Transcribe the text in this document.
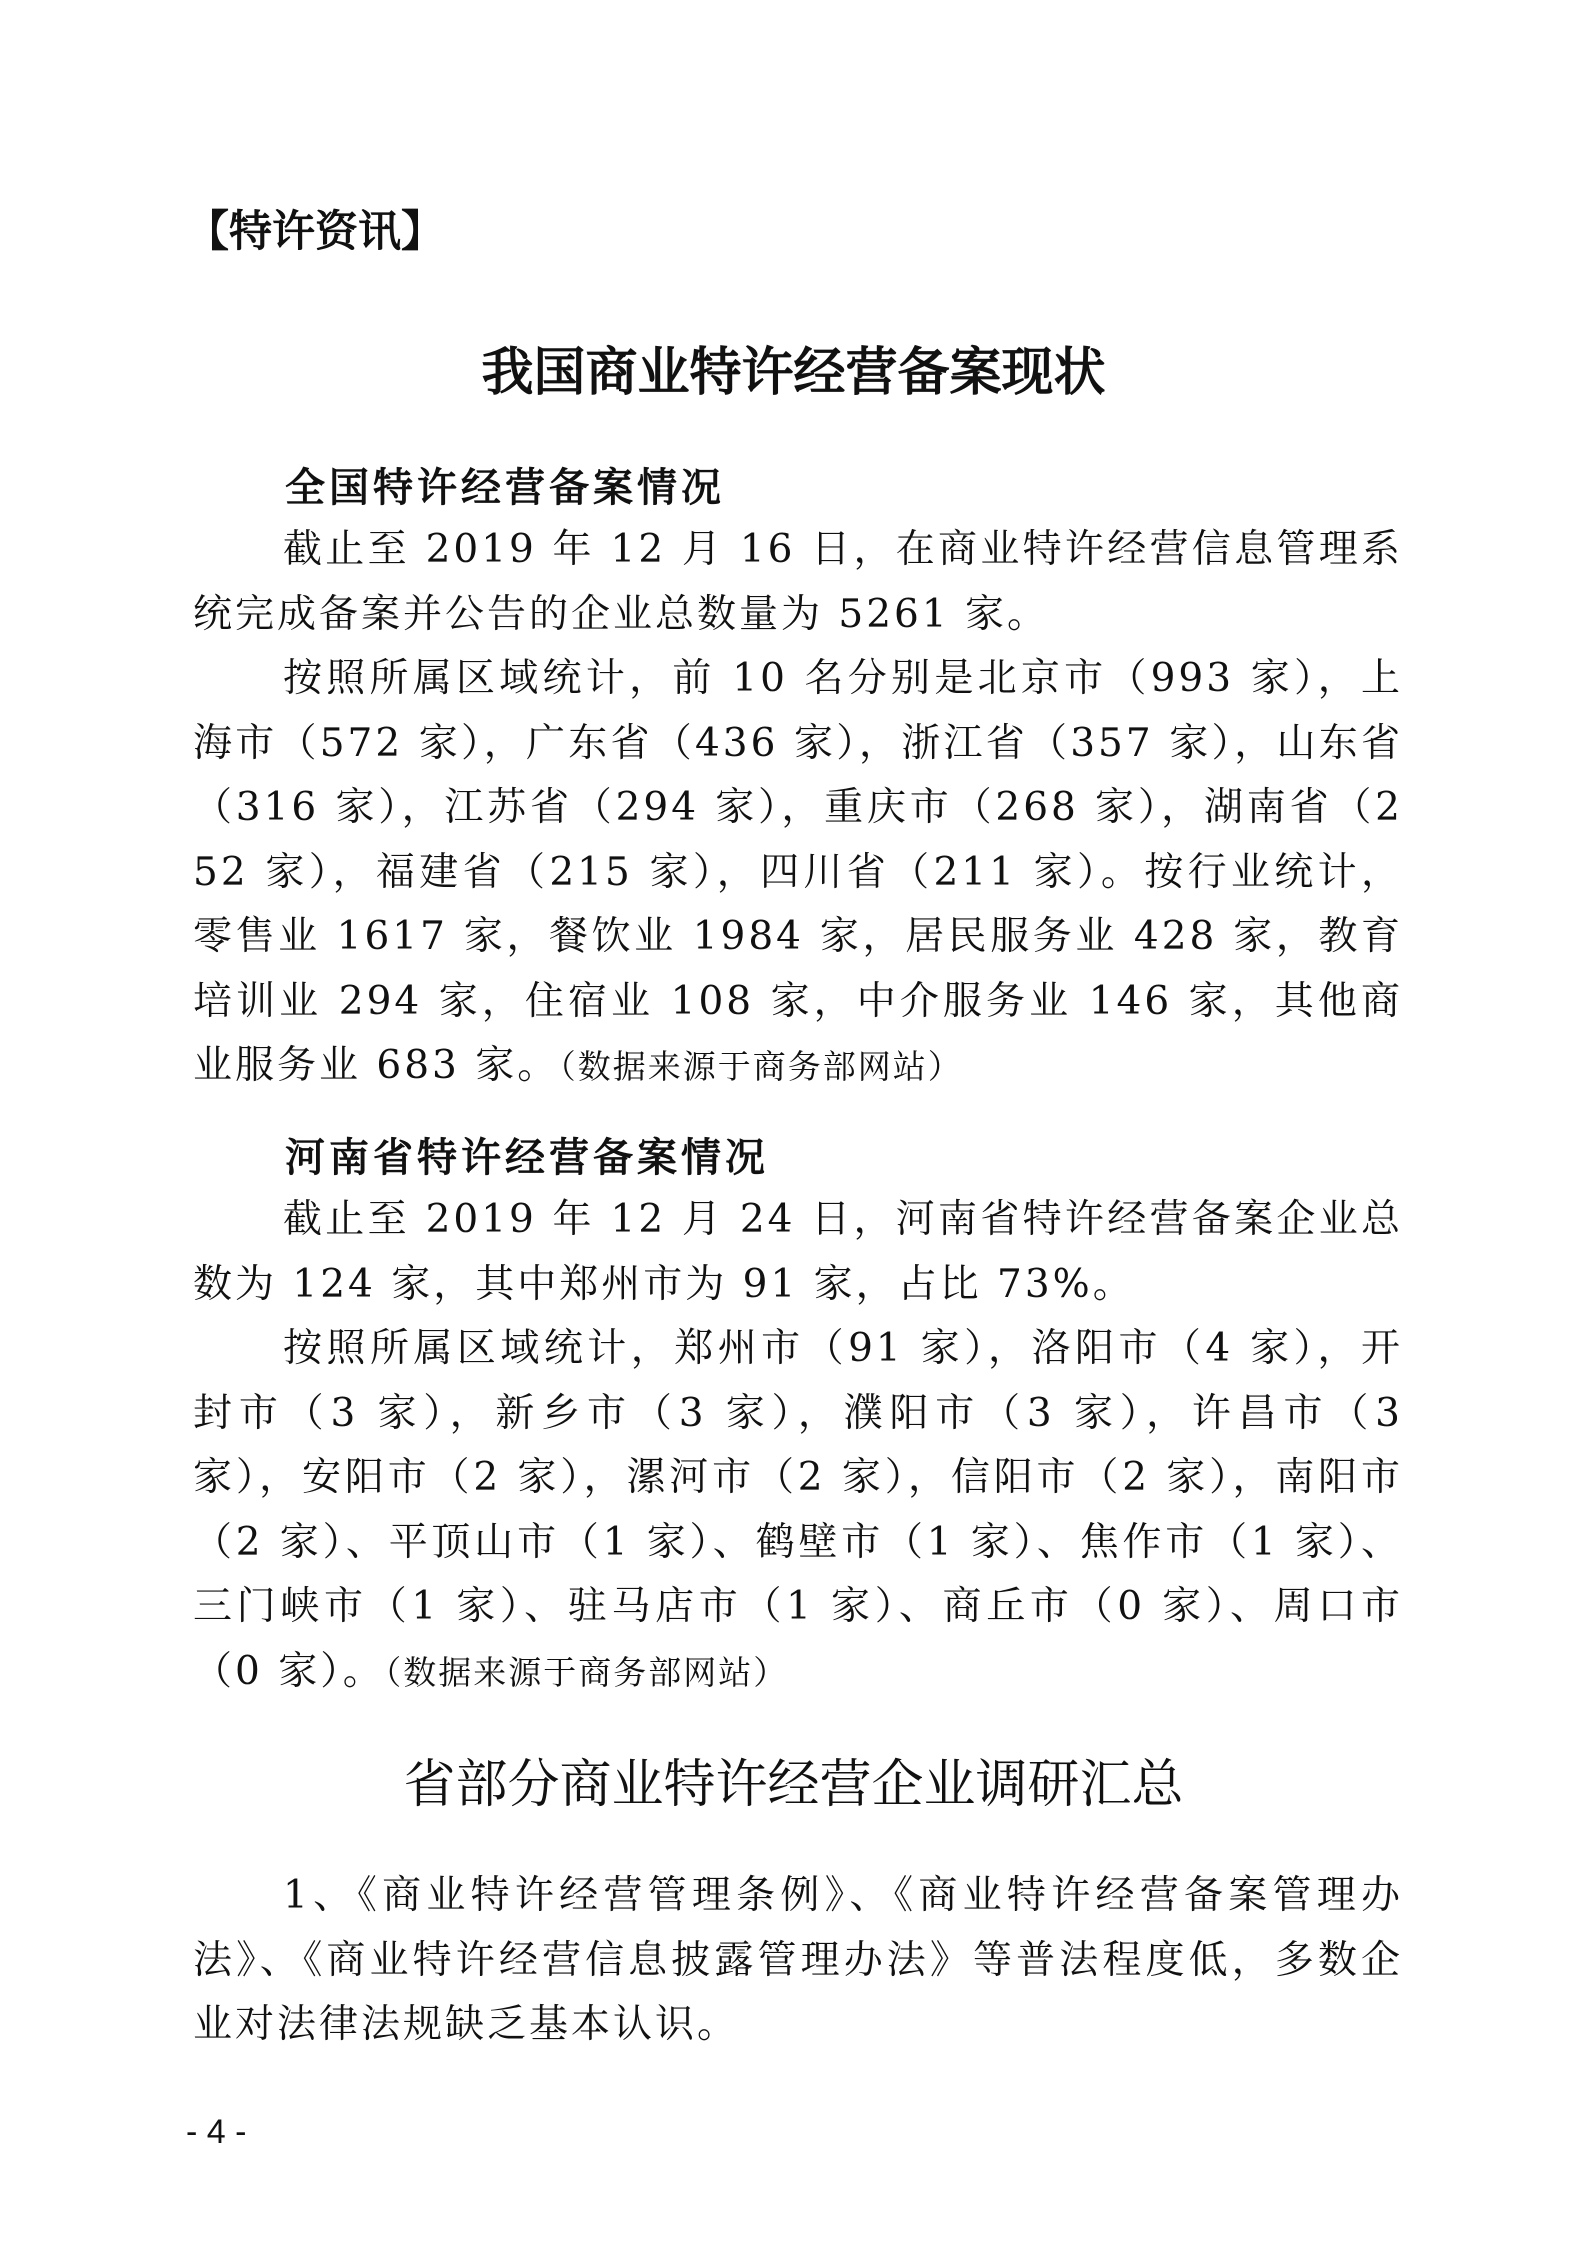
【特许资讯】
我国商业特许经营备案现状
全国特许经营备案情况
截止至 2019 年 12 月 16 日，在商业特许经营信息管理系统完成备案并公告的企业总数量为 5261 家。
按照所属区域统计，前 10 名分别是北京市（993 家），上海市（572 家），广东省（436 家），浙江省（357 家），山东省（316 家），江苏省（294 家），重庆市（268 家），湖南省（252 家），福建省（215 家），四川省（211 家）。按行业统计，零售业 1617 家，餐饮业 1984 家，居民服务业 428 家，教育培训业 294 家，住宿业 108 家，中介服务业 146 家，其他商业服务业 683 家。（数据来源于商务部网站）
河南省特许经营备案情况
截止至 2019 年 12 月 24 日，河南省特许经营备案企业总数为 124 家，其中郑州市为 91 家，占比 73%。
按照所属区域统计，郑州市（91 家），洛阳市（4 家），开封市（3 家），新乡市（3 家），濮阳市（3 家），许昌市（3 家），安阳市（2 家），漯河市（2 家），信阳市（2 家），南阳市（2 家）、平顶山市（1 家）、鹤壁市（1 家）、焦作市（1 家）、三门峡市（1 家）、驻马店市（1 家）、商丘市（0 家）、周口市（0 家）。（数据来源于商务部网站）
省部分商业特许经营企业调研汇总
1、《商业特许经营管理条例》、《商业特许经营备案管理办法》、《商业特许经营信息披露管理办法》等普法程度低，多数企业对法律法规缺乏基本认识。
- 4 -
